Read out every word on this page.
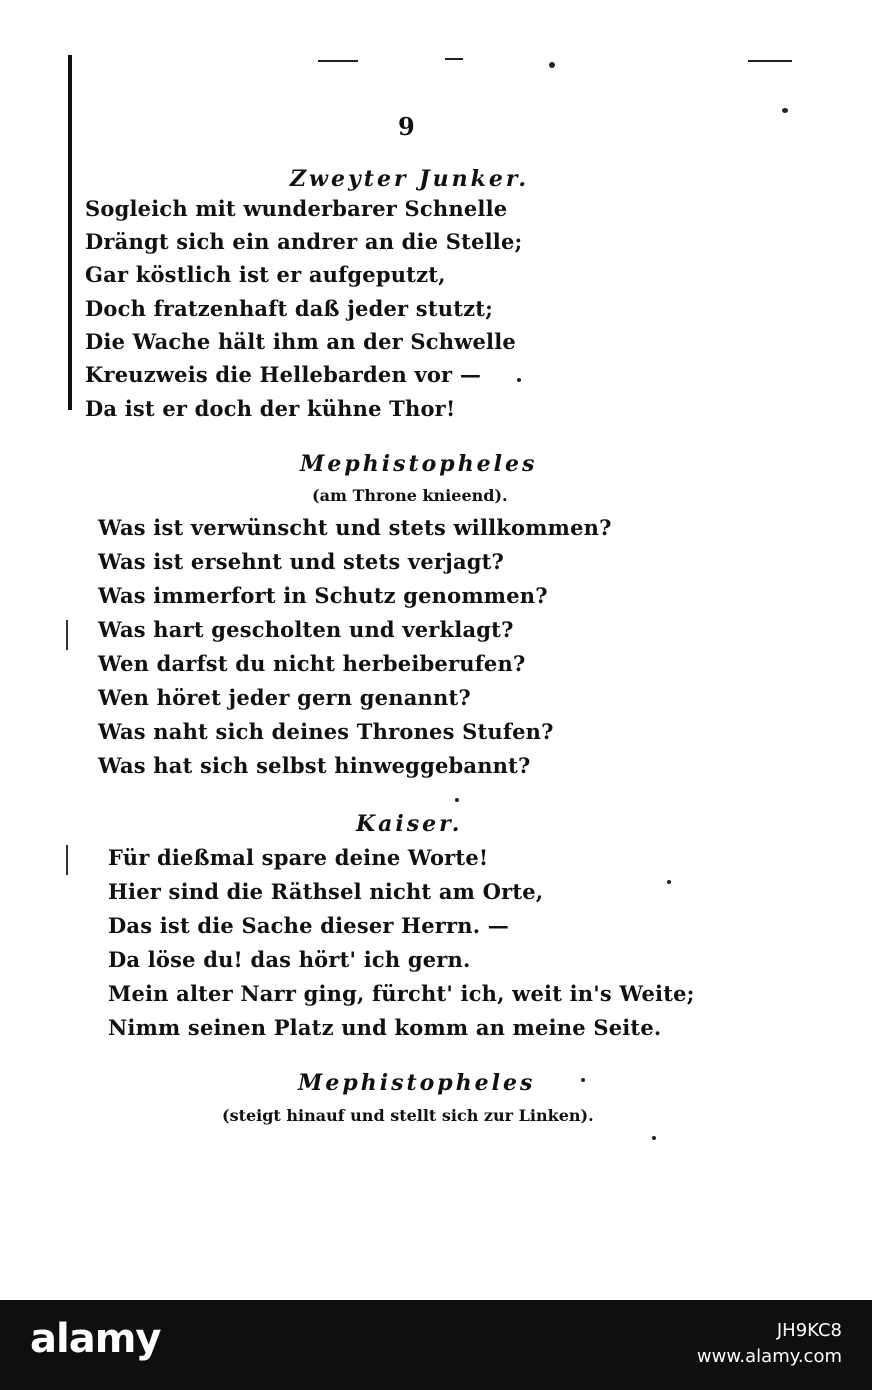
9
Zweyter Junker.
Sogleich mit wunderbarer Schnelle
Drängt sich ein andrer an die Stelle;
Gar köstlich ist er aufgeputzt,
Doch fratzenhaft daß jeder stutzt;
Die Wache hält ihm an der Schwelle
Kreuzweis die Hellebarden vor —
Da ist er doch der kühne Thor!
Mephistopheles
(am Throne knieend).
Was ist verwünscht und stets willkommen?
Was ist ersehnt und stets verjagt?
Was immerfort in Schutz genommen?
Was hart gescholten und verklagt?
Wen darfst du nicht herbeiberufen?
Wen höret jeder gern genannt?
Was naht sich deines Thrones Stufen?
Was hat sich selbst hinweggebannt?
Kaiser.
Für dießmal spare deine Worte!
Hier sind die Räthsel nicht am Orte,
Das ist die Sache dieser Herrn. —
Da löse du! das hört' ich gern.
Mein alter Narr ging, fürcht' ich, weit in's Weite;
Nimm seinen Platz und komm an meine Seite.
Mephistopheles
(steigt hinauf und stellt sich zur Linken).
alamy	JH9KC8
www.alamy.com
